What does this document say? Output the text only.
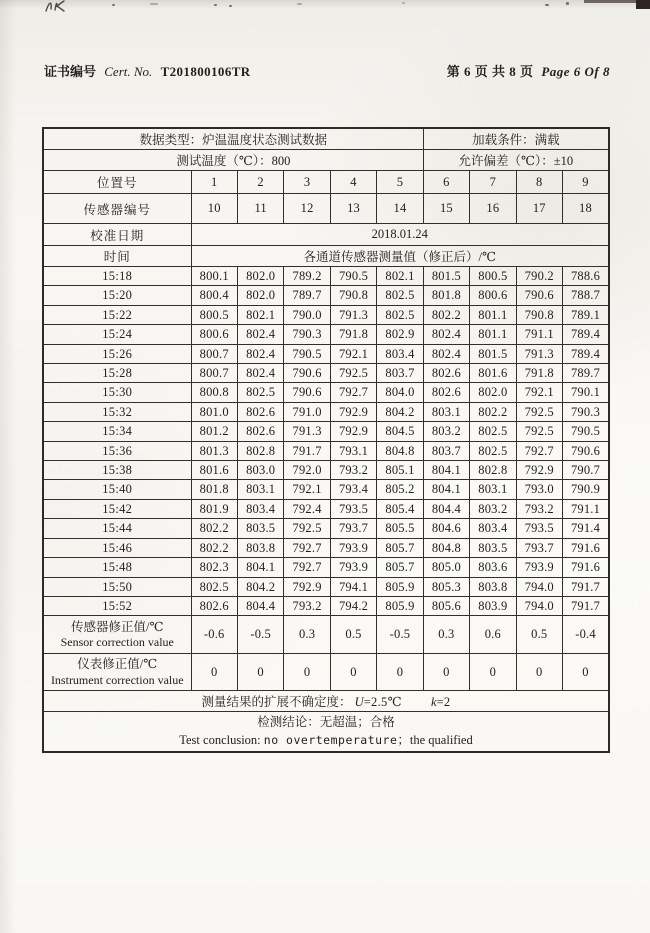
证书编号 Cert. No. T201800106TR	第 6 页 共 8 页 Page 6 Of 8
数据类型：炉温温度状态测试数据						加载条件：满载			
测试温度（℃）：800						允许偏差（℃）：±10			
位置号	1	2	3	4	5	6	7	8	9
传感器编号	10	11	12	13	14	15	16	17	18
校准日期	2018.01.24								
时间	各通道传感器测量值（修正后）/℃								
15:18	800.1	802.0	789.2	790.5	802.1	801.5	800.5	790.2	788.6
15:20	800.4	802.0	789.7	790.8	802.5	801.8	800.6	790.6	788.7
15:22	800.5	802.1	790.0	791.3	802.5	802.2	801.1	790.8	789.1
15:24	800.6	802.4	790.3	791.8	802.9	802.4	801.1	791.1	789.4
15:26	800.7	802.4	790.5	792.1	803.4	802.4	801.5	791.3	789.4
15:28	800.7	802.4	790.6	792.5	803.7	802.6	801.6	791.8	789.7
15:30	800.8	802.5	790.6	792.7	804.0	802.6	802.0	792.1	790.1
15:32	801.0	802.6	791.0	792.9	804.2	803.1	802.2	792.5	790.3
15:34	801.2	802.6	791.3	792.9	804.5	803.2	802.5	792.5	790.5
15:36	801.3	802.8	791.7	793.1	804.8	803.7	802.5	792.7	790.6
15:38	801.6	803.0	792.0	793.2	805.1	804.1	802.8	792.9	790.7
15:40	801.8	803.1	792.1	793.4	805.2	804.1	803.1	793.0	790.9
15:42	801.9	803.4	792.4	793.5	805.4	804.4	803.2	793.2	791.1
15:44	802.2	803.5	792.5	793.7	805.5	804.6	803.4	793.5	791.4
15:46	802.2	803.8	792.7	793.9	805.7	804.8	803.5	793.7	791.6
15:48	802.3	804.1	792.7	793.9	805.7	805.0	803.6	793.9	791.6
15:50	802.5	804.2	792.9	794.1	805.9	805.3	803.8	794.0	791.7
15:52	802.6	804.4	793.2	794.2	805.9	805.6	803.9	794.0	791.7
传感器修正值/℃
Sensor correction value	-0.6	-0.5	0.3	0.5	-0.5	0.3	0.6	0.5	-0.4
仪表修正值/℃
Instrument correction value	0	0	0	0	0	0	0	0	0
测量结果的扩展不确定度： U=2.5℃ k=2									

检测结论：无超温；合格
Test conclusion: no overtemperature；the qualified									
